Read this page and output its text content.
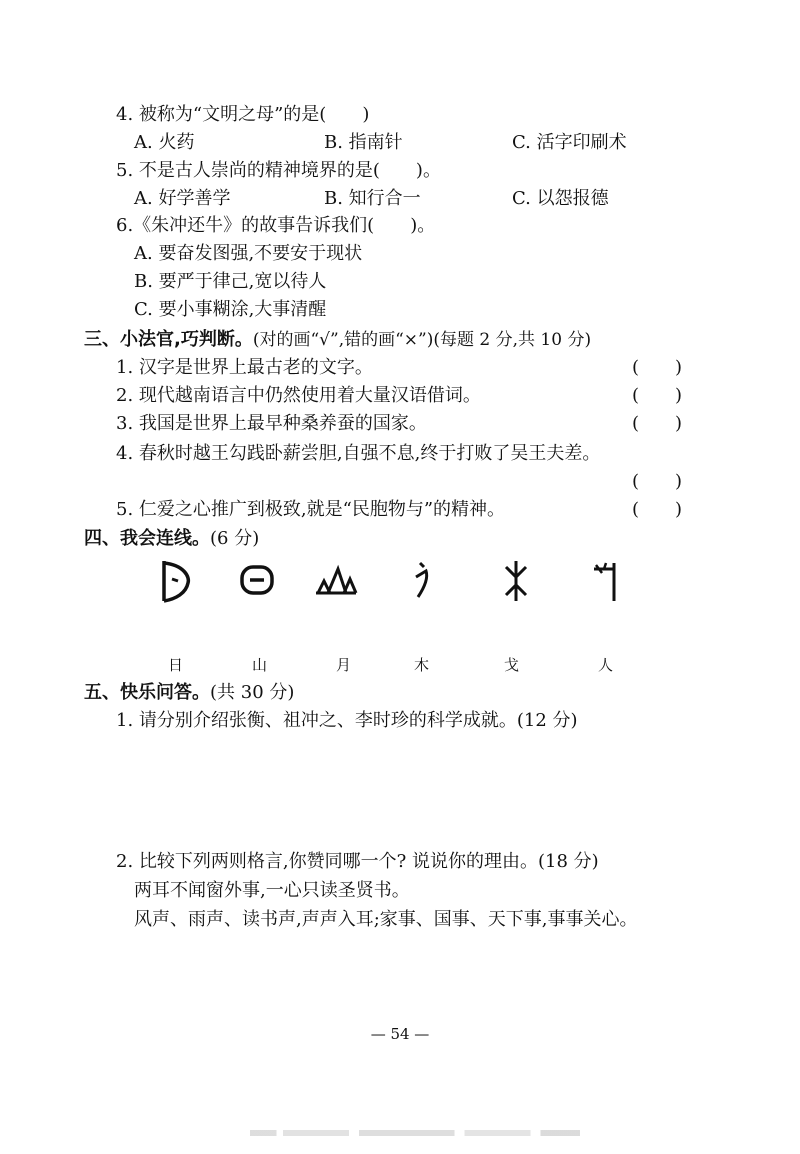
4. 被称为“文明之母”的是(　　)
A. 火药	B. 指南针	C. 活字印刷术
5. 不是古人崇尚的精神境界的是(　　)。
A. 好学善学	B. 知行合一	C. 以怨报德
6.《朱冲还牛》的故事告诉我们(　　)。
A. 要奋发图强,不要安于现状
B. 要严于律己,宽以待人
C. 要小事糊涂,大事清醒
三、小法官,巧判断。(对的画“√”,错的画“×”)(每题 2 分,共 10 分)
1. 汉字是世界上最古老的文字。	(　　)
2. 现代越南语言中仍然使用着大量汉语借词。	(　　)
3. 我国是世界上最早种桑养蚕的国家。	(　　)
4. 春秋时越王勾践卧薪尝胆,自强不息,终于打败了吴王夫差。
(　　)
5. 仁爱之心推广到极致,就是“民胞物与”的精神。	(　　)
四、我会连线。(6 分)
日	山	月	木	戈	人
五、快乐问答。(共 30 分)
1. 请分别介绍张衡、祖冲之、李时珍的科学成就。(12 分)
2. 比较下列两则格言,你赞同哪一个? 说说你的理由。(18 分)
两耳不闻窗外事,一心只读圣贤书。
风声、雨声、读书声,声声入耳;家事、国事、天下事,事事关心。
— 54 —
